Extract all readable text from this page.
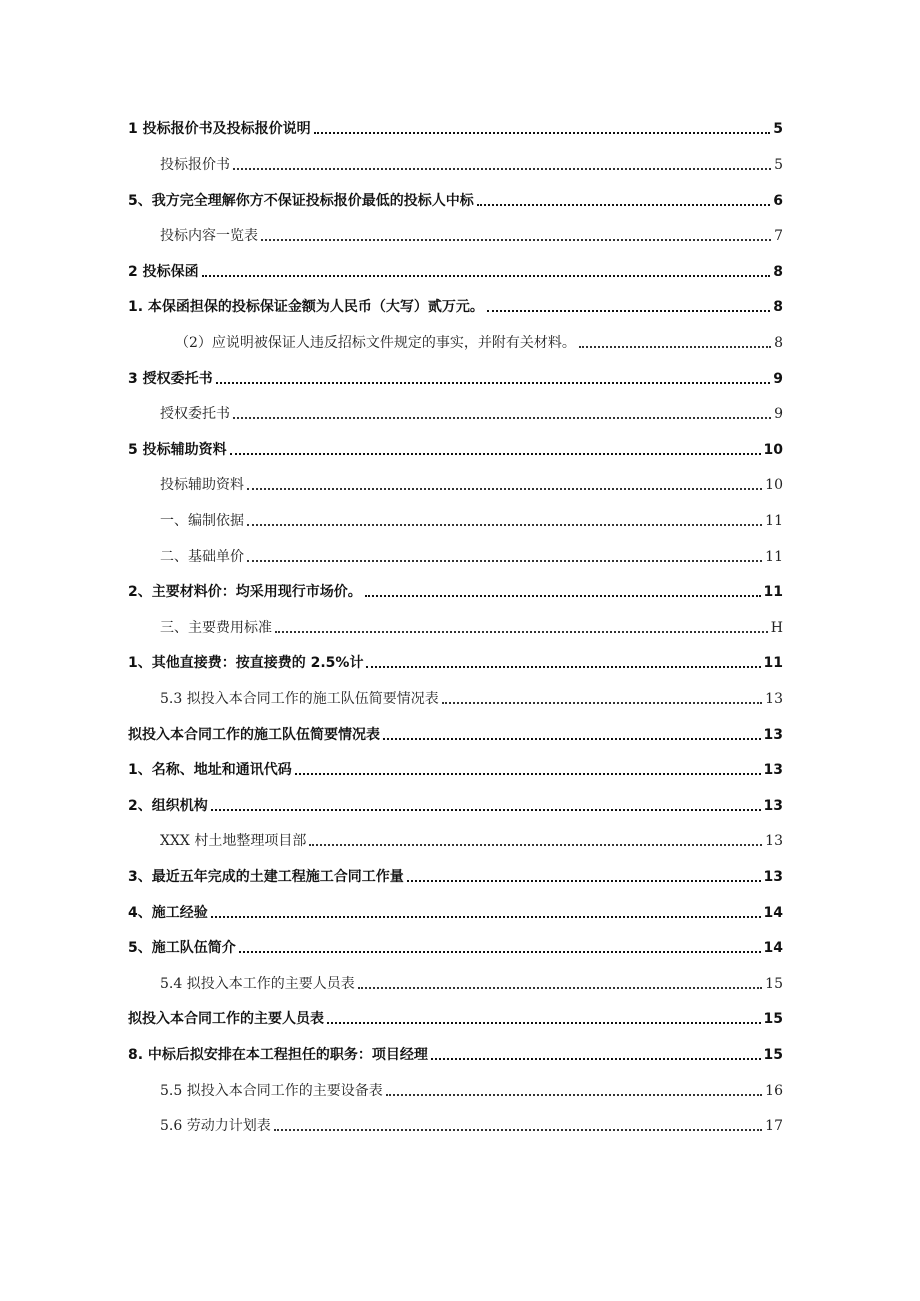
1 投标报价书及投标报价说明	5
投标报价书	5
5、我方完全理解你方不保证投标报价最低的投标人中标	6
投标内容一览表	7
2 投标保函	8
1. 本保函担保的投标保证金额为人民币（大写）贰万元。	8
（2）应说明被保证人违反招标文件规定的事实，并附有关材料。	8
3 授权委托书	9
授权委托书	9
5 投标辅助资料	10
投标辅助资料	10
一、编制依据	11
二、基础单价	11
2、主要材料价：均采用现行市场价。	11
三、主要费用标准	H
1、其他直接费：按直接费的 2.5%计	11
5.3 拟投入本合同工作的施工队伍简要情况表	13
拟投入本合同工作的施工队伍简要情况表	13
1、名称、地址和通讯代码	13
2、组织机构	13
XXX 村土地整理项目部	13
3、最近五年完成的土建工程施工合同工作量	13
4、施工经验	14
5、施工队伍简介	14
5.4 拟投入本工作的主要人员表	15
拟投入本合同工作的主要人员表	15
8. 中标后拟安排在本工程担任的职务：项目经理	15
5.5 拟投入本合同工作的主要设备表	16
5.6 劳动力计划表	17
